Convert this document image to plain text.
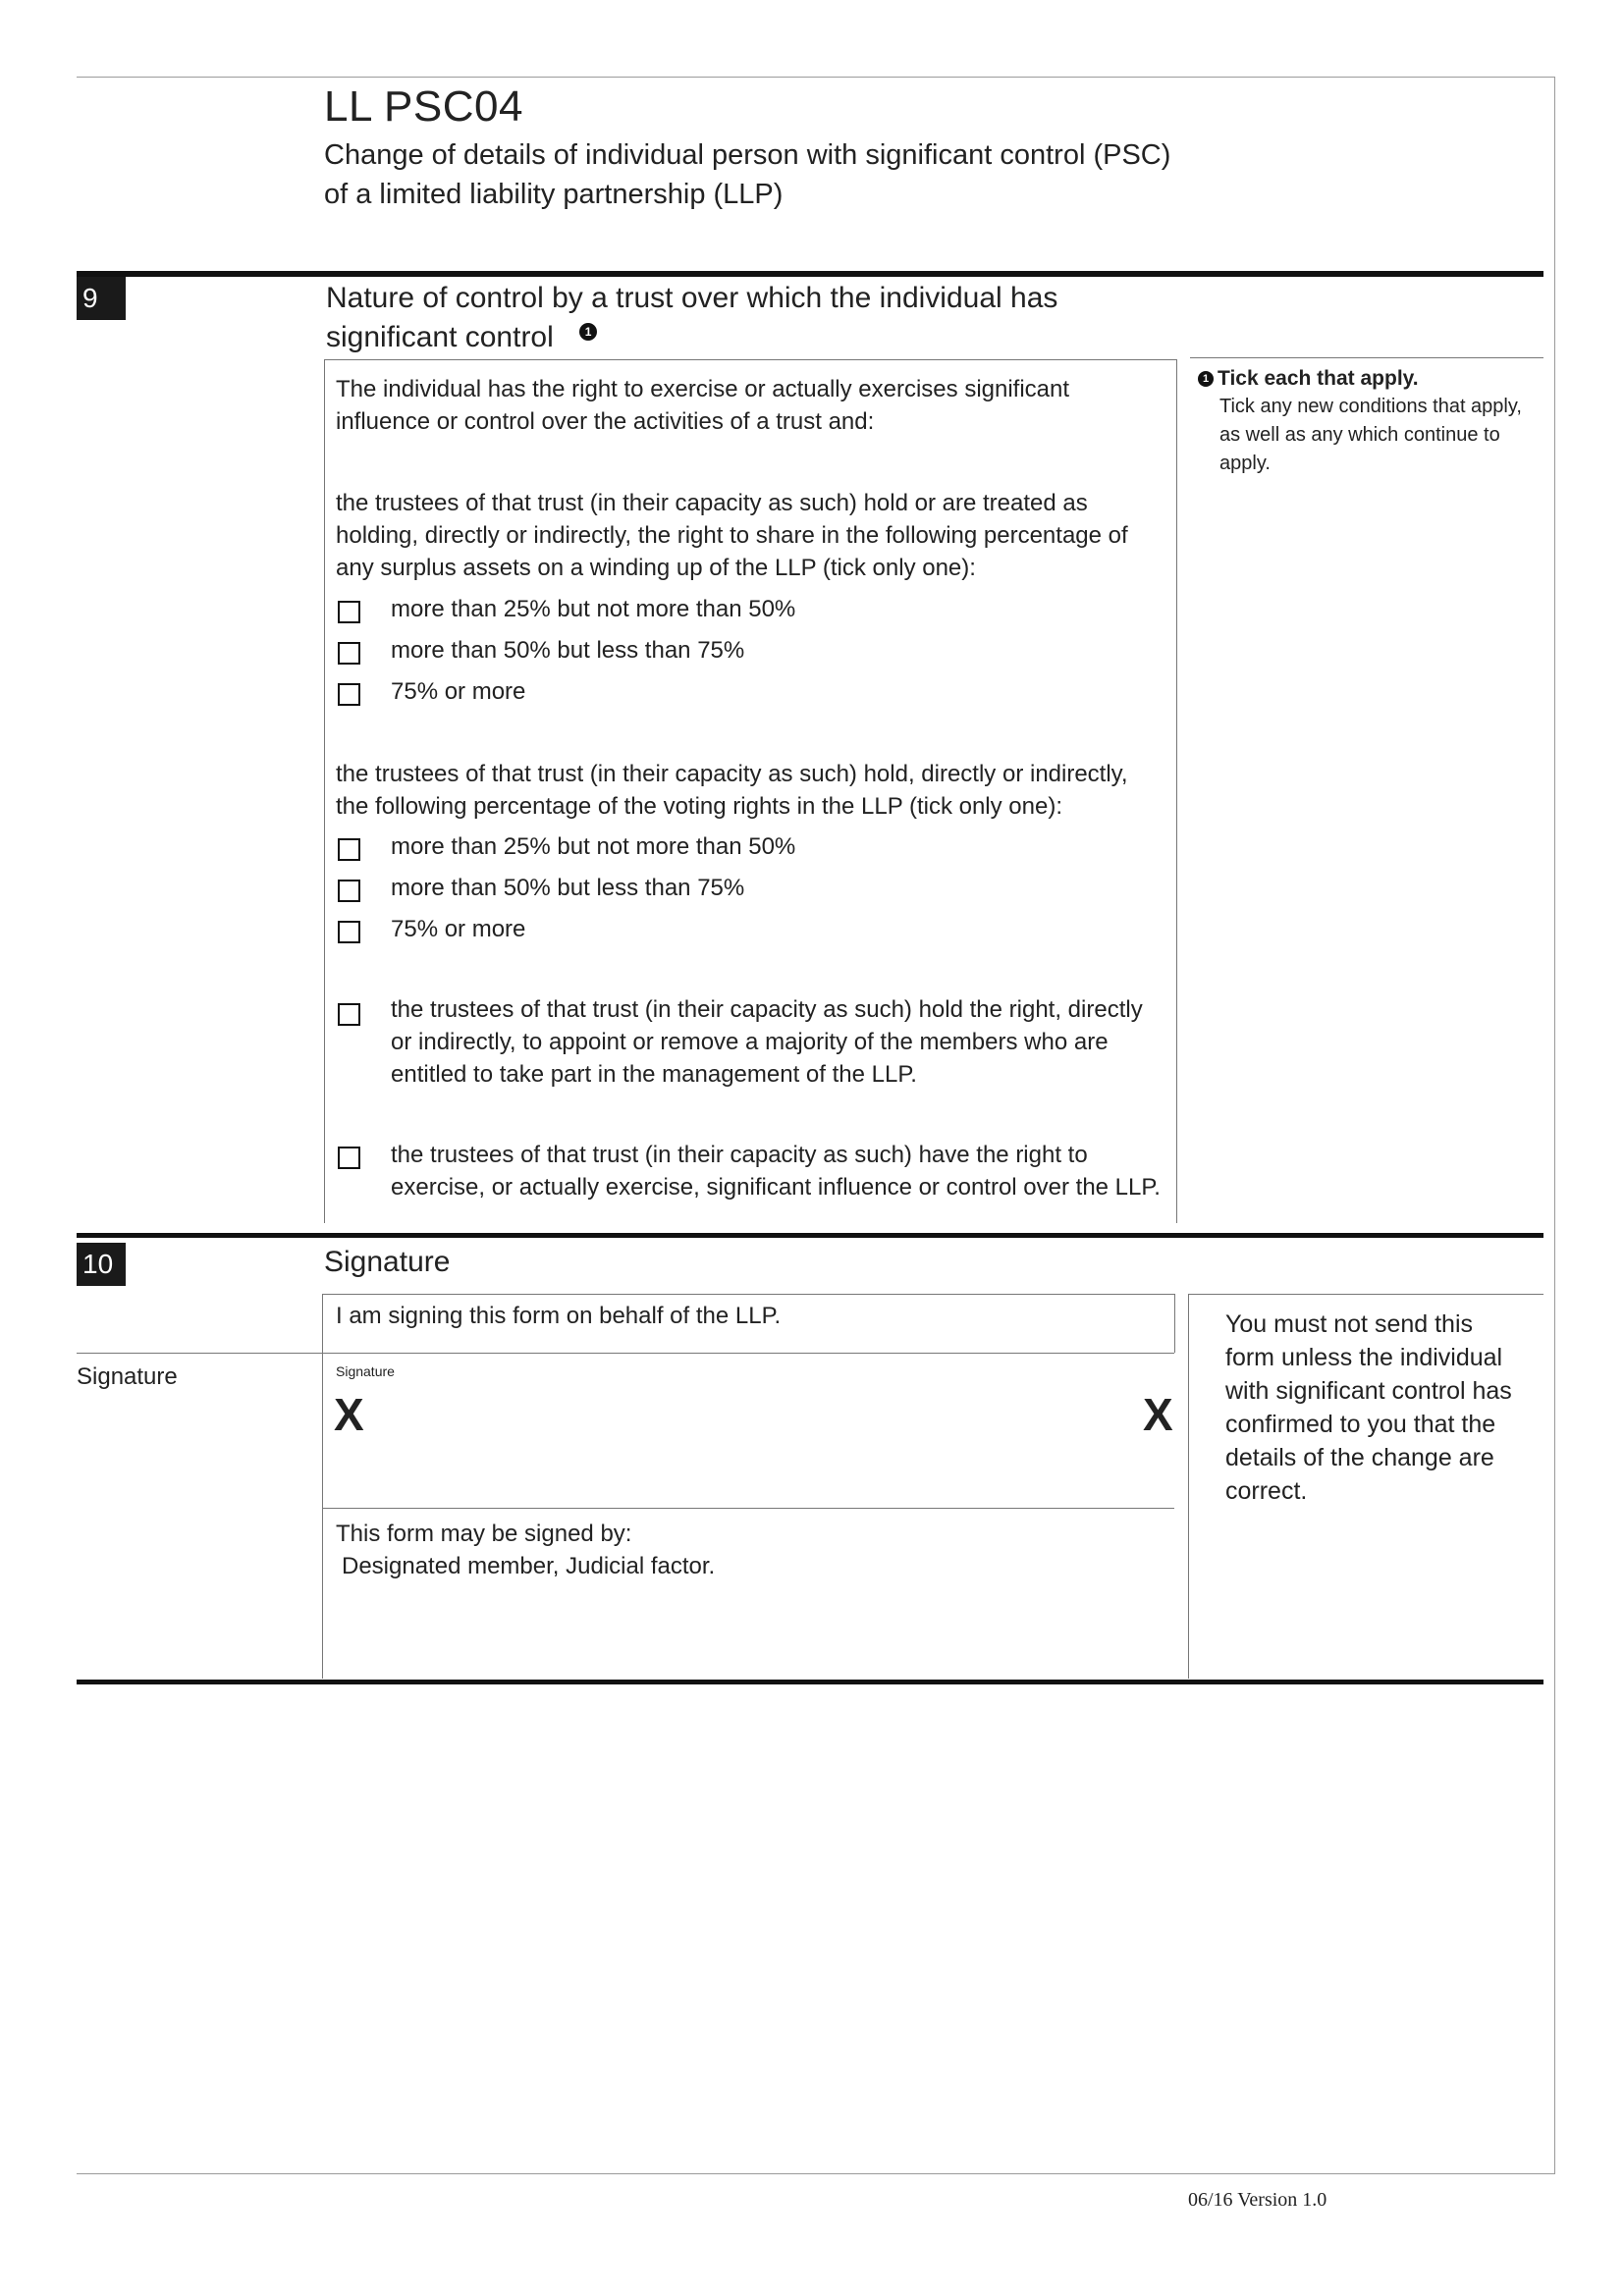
LL PSC04
Change of details of individual person with significant control (PSC)
of a limited liability partnership (LLP)
9	Nature of control by a trust over which the individual has
significant control	1
1 Tick each that apply.
Tick any new conditions that apply,
as well as any which continue to
apply.
The individual has the right to exercise or actually exercises significant
influence or control over the activities of a trust and:
the trustees of that trust (in their capacity as such) hold or are treated as
holding, directly or indirectly, the right to share in the following percentage of
any surplus assets on a winding up of the LLP (tick only one):
more than 25% but not more than 50%
more than 50% but less than 75%
75% or more
the trustees of that trust (in their capacity as such) hold, directly or indirectly,
the following percentage of the voting rights in the LLP (tick only one):
more than 25% but not more than 50%
more than 50% but less than 75%
75% or more
the trustees of that trust (in their capacity as such) hold the right, directly
or indirectly, to appoint or remove a majority of the members who are
entitled to take part in the management of the LLP.
the trustees of that trust (in their capacity as such) have the right to
exercise, or actually exercise, significant influence or control over the LLP.
10	Signature
I am signing this form on behalf of the LLP.
Signature	Signature
X	X
This form may be signed by:
Designated member, Judicial factor.
You must not send this
form unless the individual
with significant control has
confirmed to you that the
details of the change are
correct.
06/16 Version 1.0
